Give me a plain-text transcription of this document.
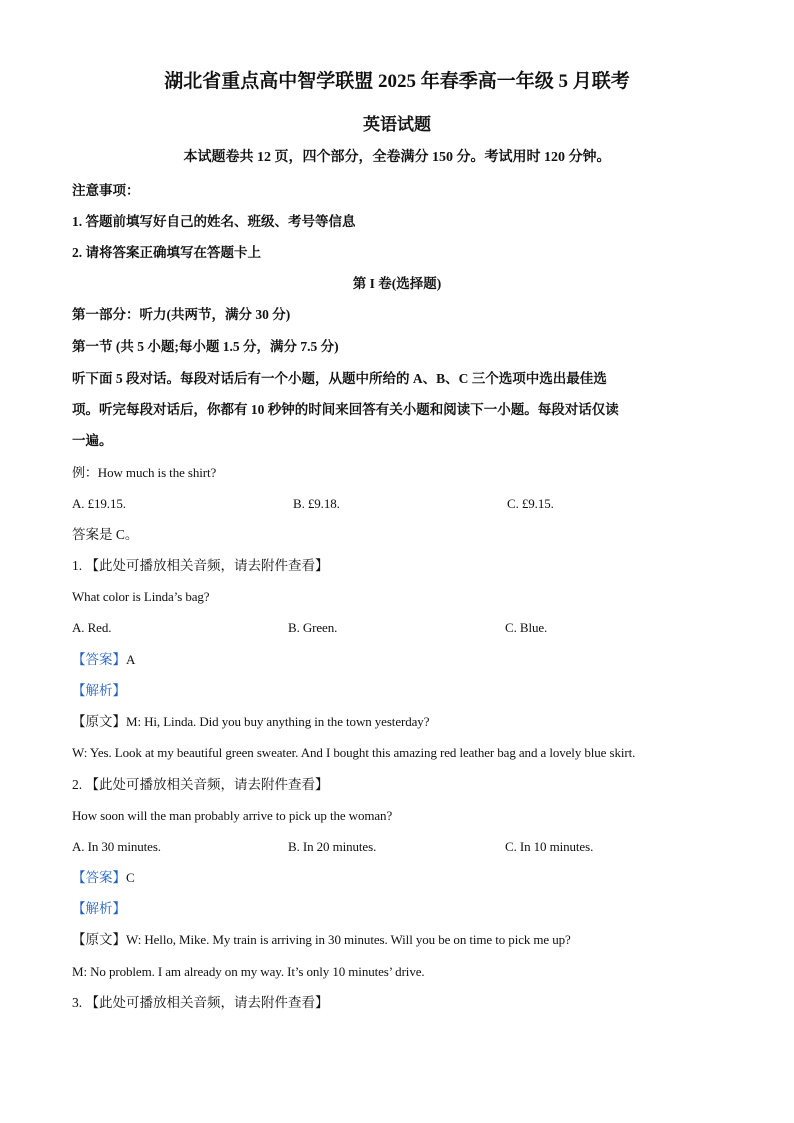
湖北省重点高中智学联盟 2025 年春季高一年级 5 月联考
英语试题
本试题卷共 12 页，四个部分，全卷满分 150 分。考试用时 120 分钟。
注意事项：
1. 答题前填写好自己的姓名、班级、考号等信息
2. 请将答案正确填写在答题卡上
第 I 卷(选择题)
第一部分：听力(共两节，满分 30 分)
第一节 (共 5 小题;每小题 1.5 分，满分 7.5 分)
听下面 5 段对话。每段对话后有一个小题，从题中所给的 A、B、C 三个选项中选出最佳选
项。听完每段对话后，你都有 10 秒钟的时间来回答有关小题和阅读下一小题。每段对话仅读
一遍。
例：How much is the shirt?
A. £19.15.	B. £9.18.	C. £9.15.
答案是 C。
1. 【此处可播放相关音频，请去附件查看】
What color is Linda’s bag?
A. Red.	B. Green.	C. Blue.
【答案】A
【解析】
【原文】M: Hi, Linda. Did you buy anything in the town yesterday?
W: Yes. Look at my beautiful green sweater. And I bought this amazing red leather bag and a lovely blue skirt.
2. 【此处可播放相关音频，请去附件查看】
How soon will the man probably arrive to pick up the woman?
A. In 30 minutes.	B. In 20 minutes.	C. In 10 minutes.
【答案】C
【解析】
【原文】W: Hello, Mike. My train is arriving in 30 minutes. Will you be on time to pick me up?
M: No problem. I am already on my way. It’s only 10 minutes’ drive.
3. 【此处可播放相关音频，请去附件查看】
